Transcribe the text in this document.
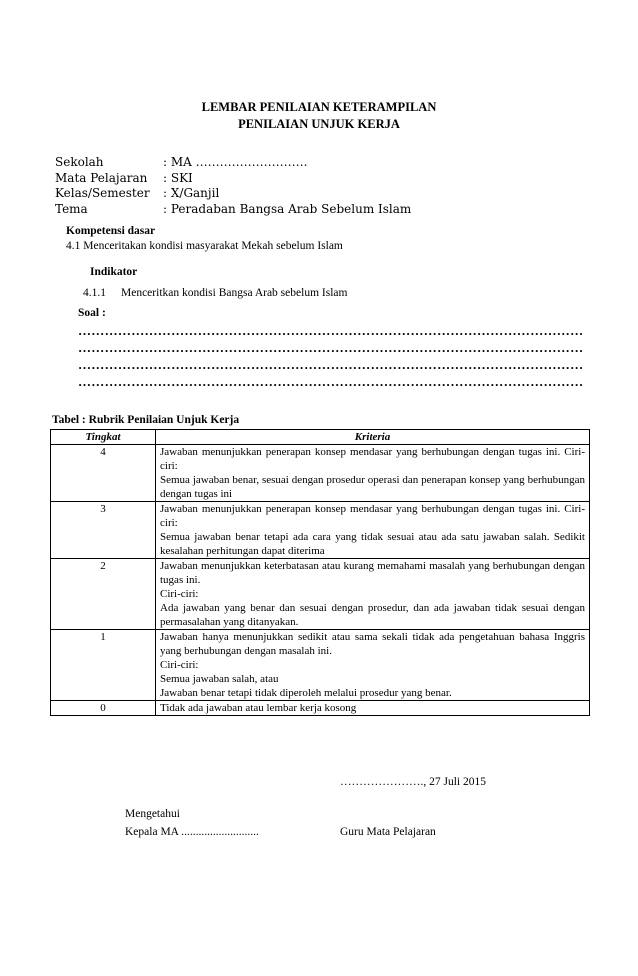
LEMBAR PENILAIAN KETERAMPILAN
PENILAIAN UNJUK KERJA
Sekolah	: MA ……………………….
Mata Pelajaran	: SKI
Kelas/Semester	: X/Ganjil
Tema	: Peradaban Bangsa Arab Sebelum Islam
Kompetensi dasar
4.1 Menceritakan kondisi masyarakat Mekah sebelum Islam
Indikator
4.1.1 Menceritkan kondisi Bangsa Arab sebelum Islam
Soal :
……………………………………………………………………………………………………
……………………………………………………………………………………………………
……………………………………………………………………………………………………
……………………………………………………………………………………………………
Tabel : Rubrik Penilaian Unjuk Kerja
Tingkat	Kriteria
4	Jawaban menunjukkan penerapan konsep mendasar yang berhubungan dengan tugas ini. Ciri-ciri:
Semua jawaban benar, sesuai dengan prosedur operasi dan penerapan konsep yang berhubungan dengan tugas ini

3	Jawaban menunjukkan penerapan konsep mendasar yang berhubungan dengan tugas ini. Ciri-ciri:
Semua jawaban benar tetapi ada cara yang tidak sesuai atau ada satu jawaban salah. Sedikit kesalahan perhitungan dapat diterima

2	Jawaban menunjukkan keterbatasan atau kurang memahami masalah yang berhubungan dengan tugas ini.
Ciri-ciri:
Ada jawaban yang benar dan sesuai dengan prosedur, dan ada jawaban tidak sesuai dengan permasalahan yang ditanyakan.

1	Jawaban hanya menunjukkan sedikit atau sama sekali tidak ada pengetahuan bahasa Inggris yang berhubungan dengan masalah ini.
Ciri-ciri:
Semua jawaban salah, atau
Jawaban benar tetapi tidak diperoleh melalui prosedur yang benar.

0	Tidak ada jawaban atau lembar kerja kosong
…………………., 27 Juli 2015
Mengetahui
Kepala MA ...........................	Guru Mata Pelajaran
